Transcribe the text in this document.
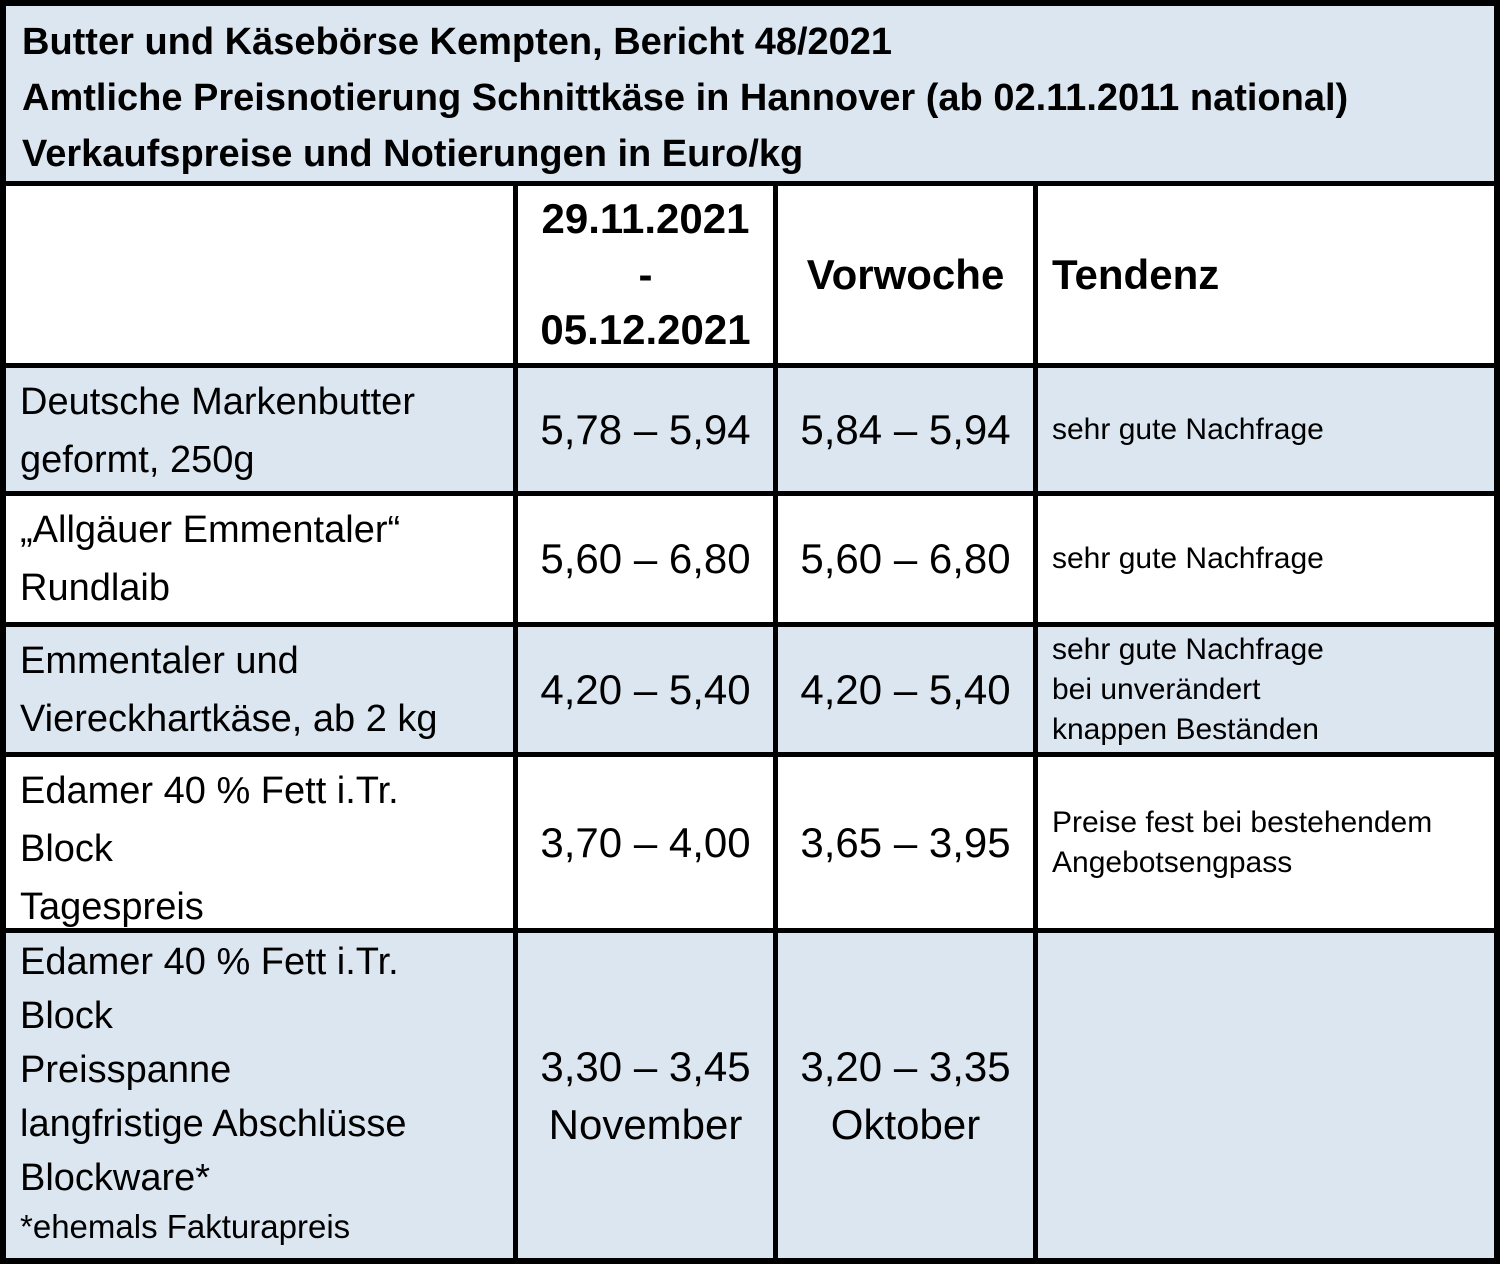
Butter und Käsebörse Kempten, Bericht 48/2021
Amtliche Preisnotierung Schnittkäse in Hannover (ab 02.11.2011 national)
Verkaufspreise und Notierungen in Euro/kg
29.11.2021
-
05.12.2021
Vorwoche Tendenz
Deutsche Markenbutter
geformt, 250g
5,78 – 5,94 5,84 – 5,94 sehr gute Nachfrage
„Allgäuer Emmentaler“
Rundlaib
5,60 – 6,80 5,60 – 6,80 sehr gute Nachfrage
Emmentaler und
Viereckhartkäse, ab 2 kg
4,20 – 5,40 4,20 – 5,40
sehr gute Nachfrage
bei unverändert
knappen Beständen
Edamer 40 % Fett i.Tr.
Block
Tagespreis
3,70 – 4,00 3,65 – 3,95 Preise fest bei bestehendem
Angebotsengpass
Edamer 40 % Fett i.Tr.
Block
Preisspanne
langfristige Abschlüsse
Blockware*
*ehemals Fakturapreis
3,30 – 3,45
November
3,20 – 3,35
Oktober
